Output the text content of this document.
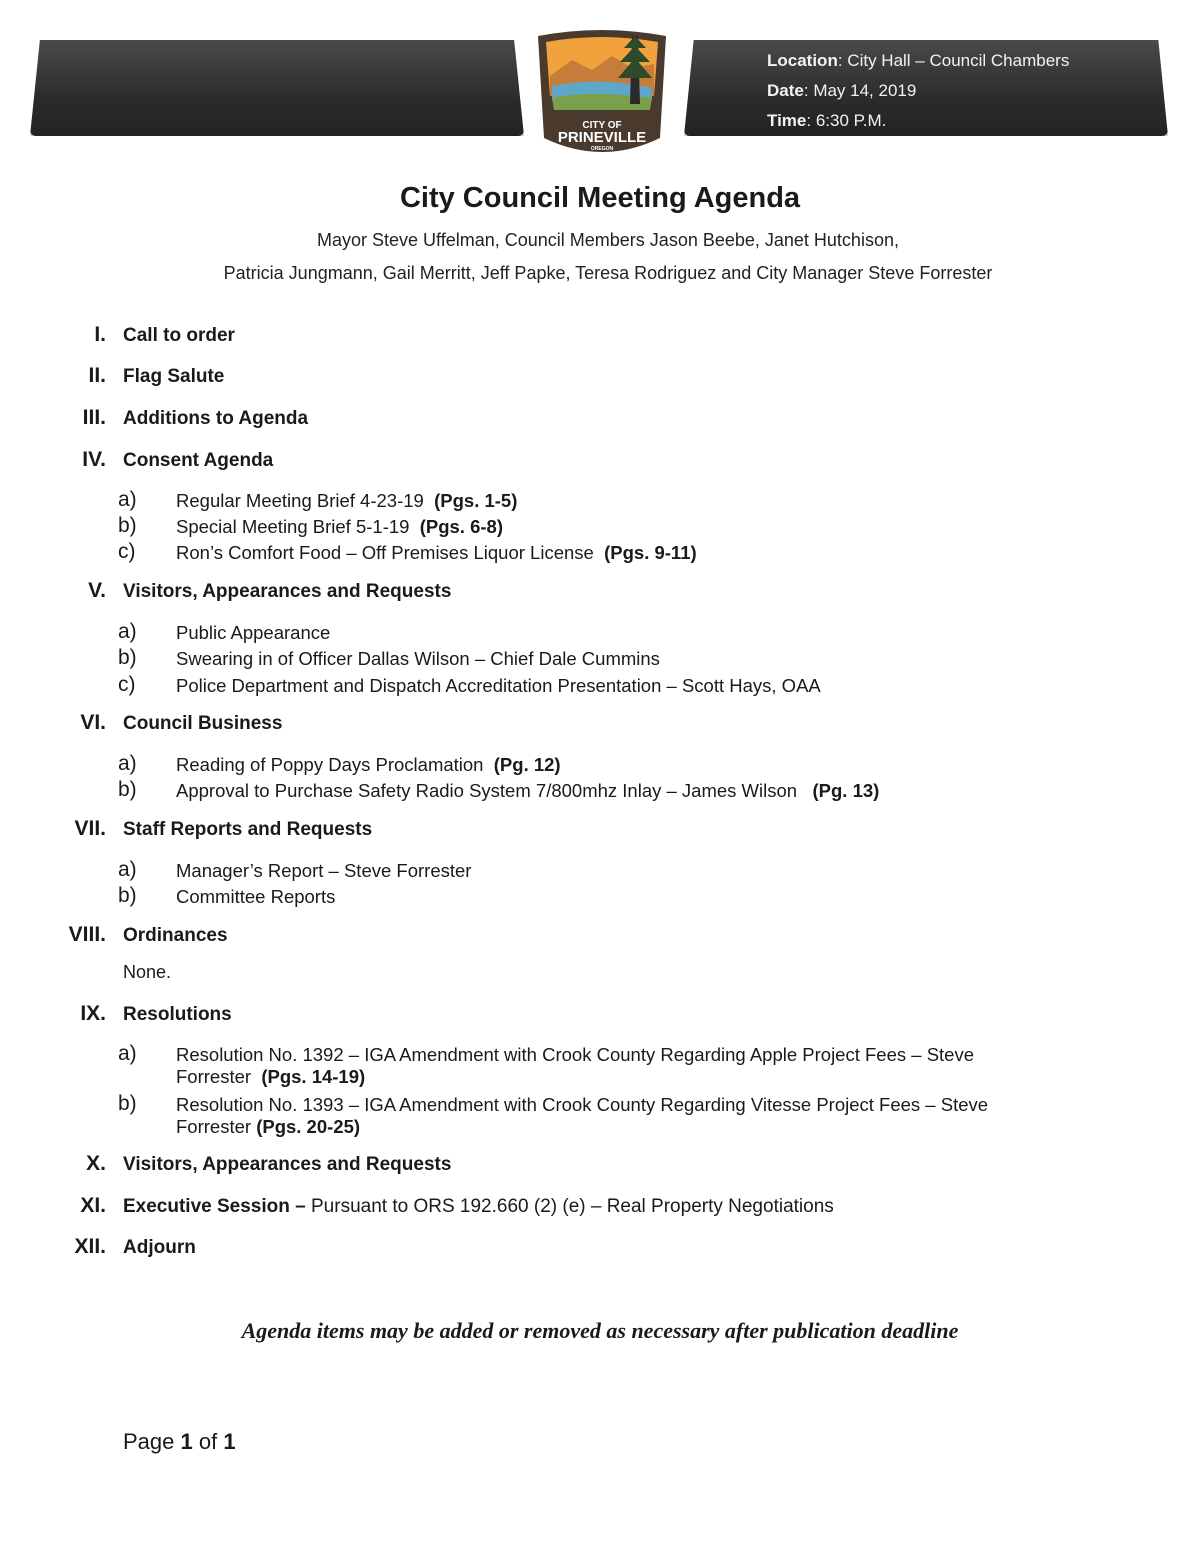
CITY OF
PRINEVILLE
OREGON
Location: City Hall – Council Chambers
Date: May 14, 2019
Time: 6:30 P.M.
City Council Meeting Agenda
Mayor Steve Uffelman, Council Members Jason Beebe, Janet Hutchison,
Patricia Jungmann, Gail Merritt, Jeff Papke, Teresa Rodriguez and City Manager Steve Forrester
I. Call to order
II. Flag Salute
III. Additions to Agenda
IV. Consent Agenda
a) Regular Meeting Brief 4-23-19 (Pgs. 1-5)
b) Special Meeting Brief 5-1-19 (Pgs. 6-8)
c) Ron’s Comfort Food – Off Premises Liquor License (Pgs. 9-11)
V. Visitors, Appearances and Requests
a) Public Appearance
b) Swearing in of Officer Dallas Wilson – Chief Dale Cummins
c) Police Department and Dispatch Accreditation Presentation – Scott Hays, OAA
VI. Council Business
a) Reading of Poppy Days Proclamation (Pg. 12)
b) Approval to Purchase Safety Radio System 7/800mhz Inlay – James Wilson (Pg. 13)
VII. Staff Reports and Requests
a) Manager’s Report – Steve Forrester
b) Committee Reports
VIII. Ordinances
None.
IX. Resolutions
a) Resolution No. 1392 – IGA Amendment with Crook County Regarding Apple Project Fees – Steve Forrester (Pgs. 14-19)
b) Resolution No. 1393 – IGA Amendment with Crook County Regarding Vitesse Project Fees – Steve Forrester (Pgs. 20-25)
X. Visitors, Appearances and Requests
XI. Executive Session – Pursuant to ORS 192.660 (2) (e) – Real Property Negotiations
XII. Adjourn
Agenda items may be added or removed as necessary after publication deadline
Page 1 of 1
